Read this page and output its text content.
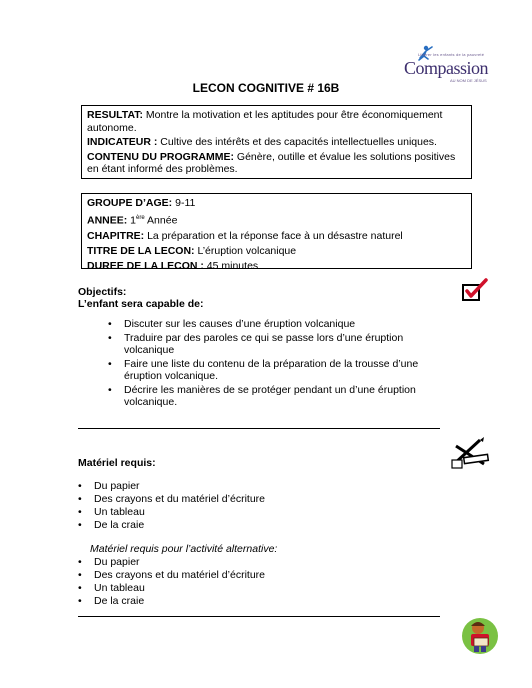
Libérer les enfants de la pauvreté
Compassion
AU NOM DE JÉSUS
LECON COGNITIVE # 16B
RESULTAT: Montre la motivation et les aptitudes pour être économiquement autonome.
INDICATEUR : Cultive des intérêts et des capacités intellectuelles uniques.
CONTENU DU PROGRAMME: Génère, outille et évalue les solutions positives en étant informé des problèmes.
GROUPE D’AGE: 9-11
ANNEE: 1ère Année
CHAPITRE: La préparation et la réponse face à un désastre naturel
TITRE DE LA LECON: L’éruption volcanique
DUREE DE LA LECON : 45 minutes
Objectifs:
L’enfant sera capable de:
• Discuter sur les causes d’une éruption volcanique
• Traduire par des paroles ce qui se passe lors d’une éruption volcanique
• Faire une liste du contenu de la préparation de la trousse d’une éruption volcanique.
• Décrire les manières de se protéger pendant un d’une éruption volcanique.
Matériel requis:
• Du papier
• Des crayons et du matériel d’écriture
• Un tableau
• De la craie
Matériel requis pour l’activité alternative:
• Du papier
• Des crayons et du matériel d’écriture
• Un tableau
• De la craie
